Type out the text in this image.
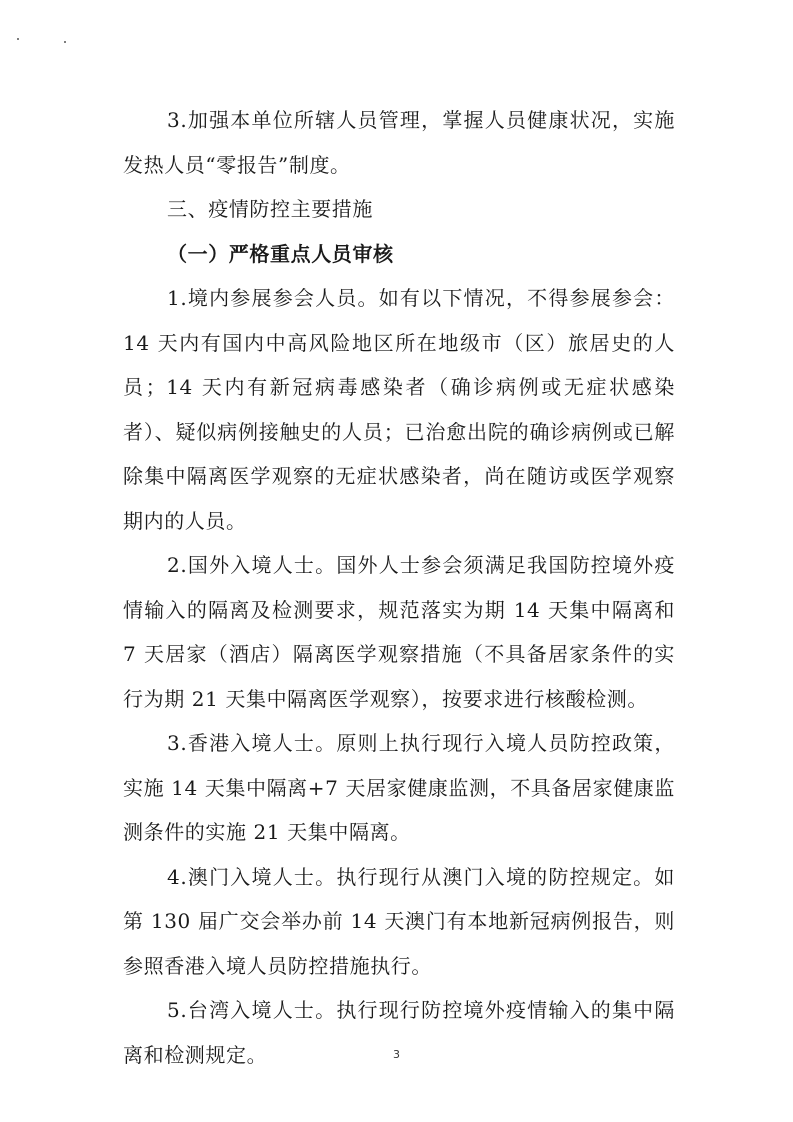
3.加强本单位所辖人员管理，掌握人员健康状况，实施发热人员“零报告”制度。

三、疫情防控主要措施

（一）严格重点人员审核

1.境内参展参会人员。如有以下情况，不得参展参会：14 天内有国内中高风险地区所在地级市（区）旅居史的人员；14 天内有新冠病毒感染者（确诊病例或无症状感染者）、疑似病例接触史的人员；已治愈出院的确诊病例或已解除集中隔离医学观察的无症状感染者，尚在随访或医学观察期内的人员。

2.国外入境人士。国外人士参会须满足我国防控境外疫情输入的隔离及检测要求，规范落实为期 14 天集中隔离和 7 天居家（酒店）隔离医学观察措施（不具备居家条件的实行为期 21 天集中隔离医学观察），按要求进行核酸检测。

3.香港入境人士。原则上执行现行入境人员防控政策，实施 14 天集中隔离+7 天居家健康监测，不具备居家健康监测条件的实施 21 天集中隔离。

4.澳门入境人士。执行现行从澳门入境的防控规定。如第 130 届广交会举办前 14 天澳门有本地新冠病例报告，则参照香港入境人员防控措施执行。

5.台湾入境人士。执行现行防控境外疫情输入的集中隔离和检测规定。	3
